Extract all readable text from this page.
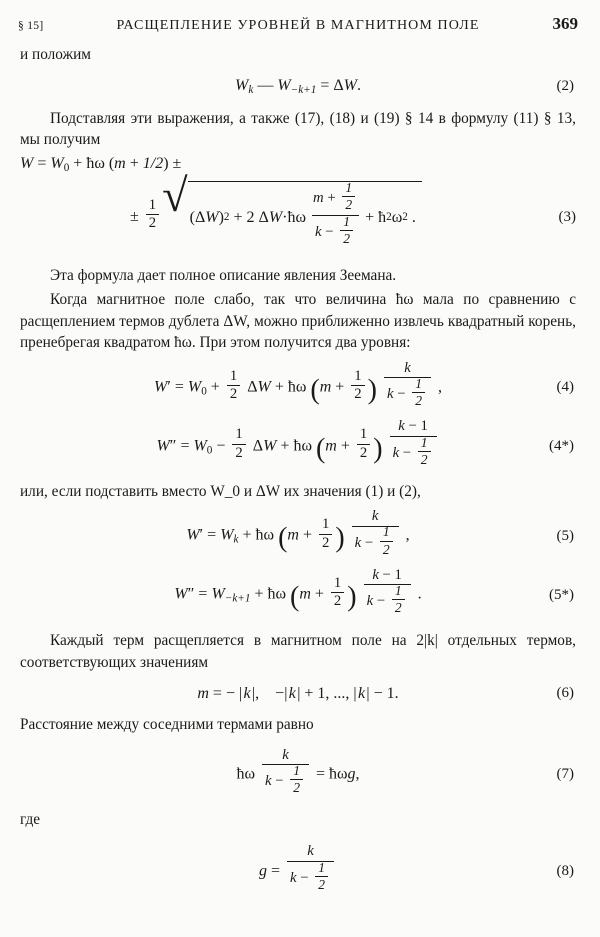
§ 15]	РАСЩЕПЛЕНИЕ УРОВНЕЙ В МАГНИТНОМ ПОЛЕ	369

и положим

Wk — W−k+1 = ΔW.	(2)

Подставляя эти выражения, а также (17), (18) и (19) § 14 в формулу (11) § 13, мы получим

$W = W_0$ + ħω (m + 1/2) ±
±
$\frac{1}{2}$ √ ( Δ W ) 2
+
2
Δ W · ħ ω $\frac{m + \frac{1}{2}}{k - \frac{1}{2}}$ +
ħ 2 ω 2
.	(3)

Эта формула дает полное описание явления Зеемана.

Когда магнитное поле слабо, так что величина ħω мала по сравнению с расщеплением термов дублета ΔW, можно приближенно извлечь квадратный корень, пренебрегая квадратом ħω. При этом получится два уровня:

$W' = W_0 + \frac{1}{2}$ ΔW + ħω ($m + \frac{1}{2}$ ) $\frac{k}{k - \frac{1}{2}}$ ,	(4)
$W'' = W_0 - \frac{1}{2}$ ΔW + ħω ($m + \frac{1}{2}$ ) $\frac{k - 1}{k - \frac{1}{2}}$	(4*)

или, если подставить вместо W_0 и ΔW их значения (1) и (2),

W′ = Wk + ħω ($m + \frac{1}{2}$ ) $\frac{k}{k - \frac{1}{2}}$ ,	(5)
W″ = W−k+1 + ħω ($m + \frac{1}{2}$ ) $\frac{k - 1}{k - \frac{1}{2}}$ .	(5*)

Каждый терм расщепляется в магнитном поле на 2|k| отдельных термов, соответствующих значениям

m = − | k |, −| k | + 1, ..., | k | − 1.	(6)

Расстояние между соседними термами равно

ħω $\frac{k}{k - \frac{1}{2}}$ = ħωg,	(7)

где

$g = \frac{k}{k - \frac{1}{2}}$	(8)
